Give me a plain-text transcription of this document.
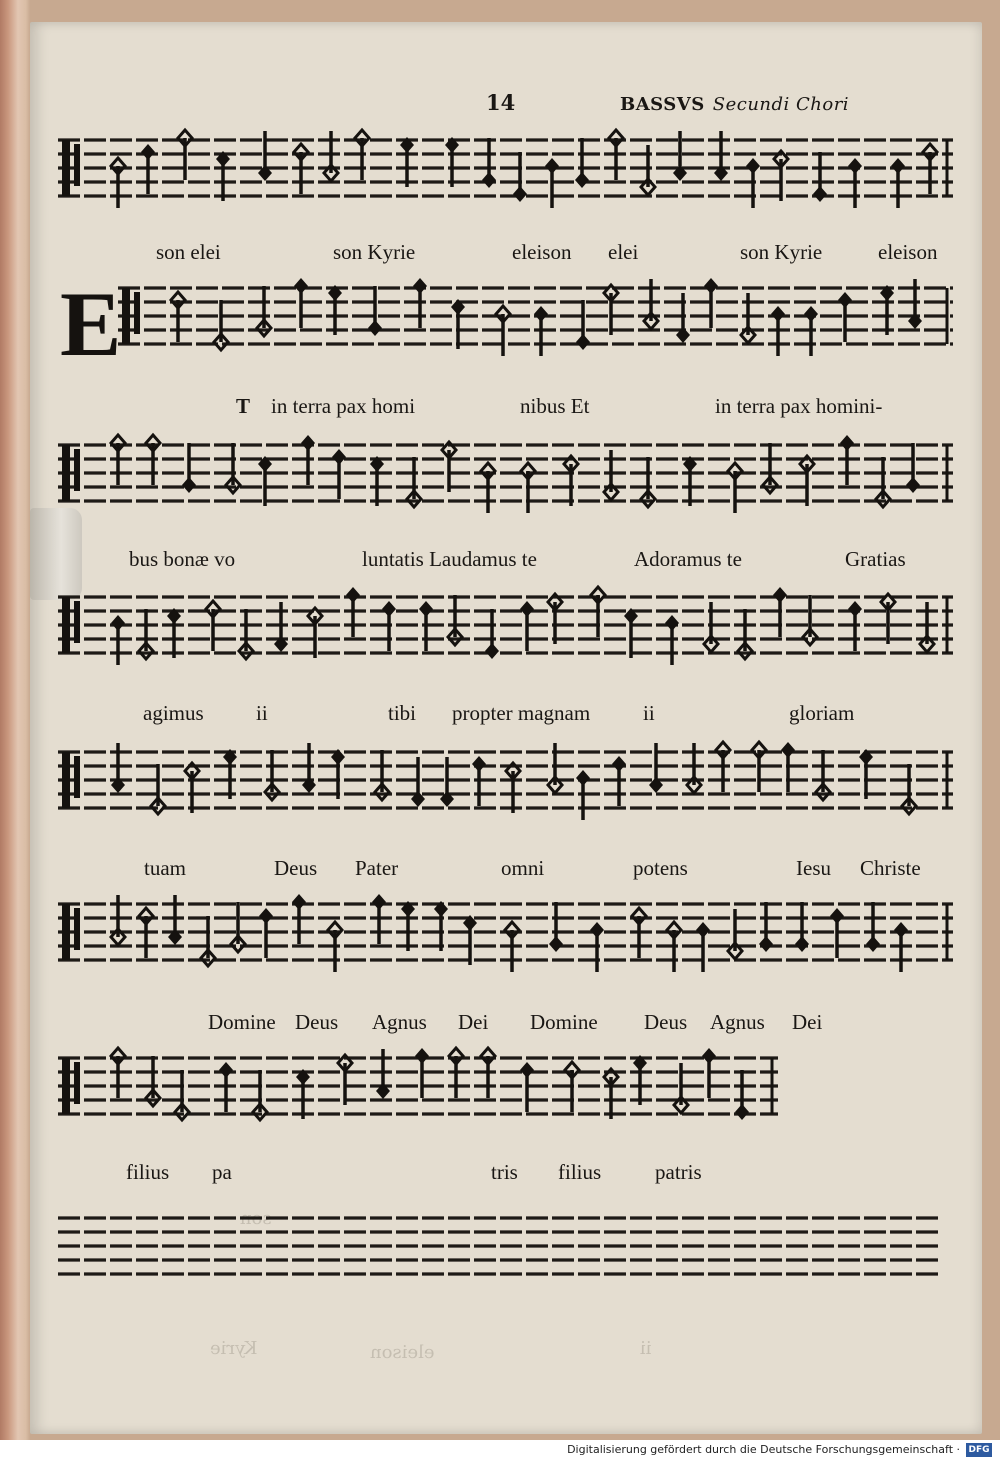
14	BASSVS Secundi Chori
E
son elei	son Kyrie	eleison elei	son Kyrie	eleison
T in terra pax homi	nibus Et	in terra pax homini-
bus bonæ vo	luntatis Laudamus te	Adoramus te	Gratias
agimus ii	tibi propter magnam	ii	gloriam
tuam	Deus Pater	omni	potens	Iesu Christe
Domine Deus Agnus Dei Domine Deus Agnus Dei
filius pa	tris filius	patris
son
Kyrie	eleison	ii
Digitalisierung gefördert durch die Deutsche Forschungsgemeinschaft · DFG
